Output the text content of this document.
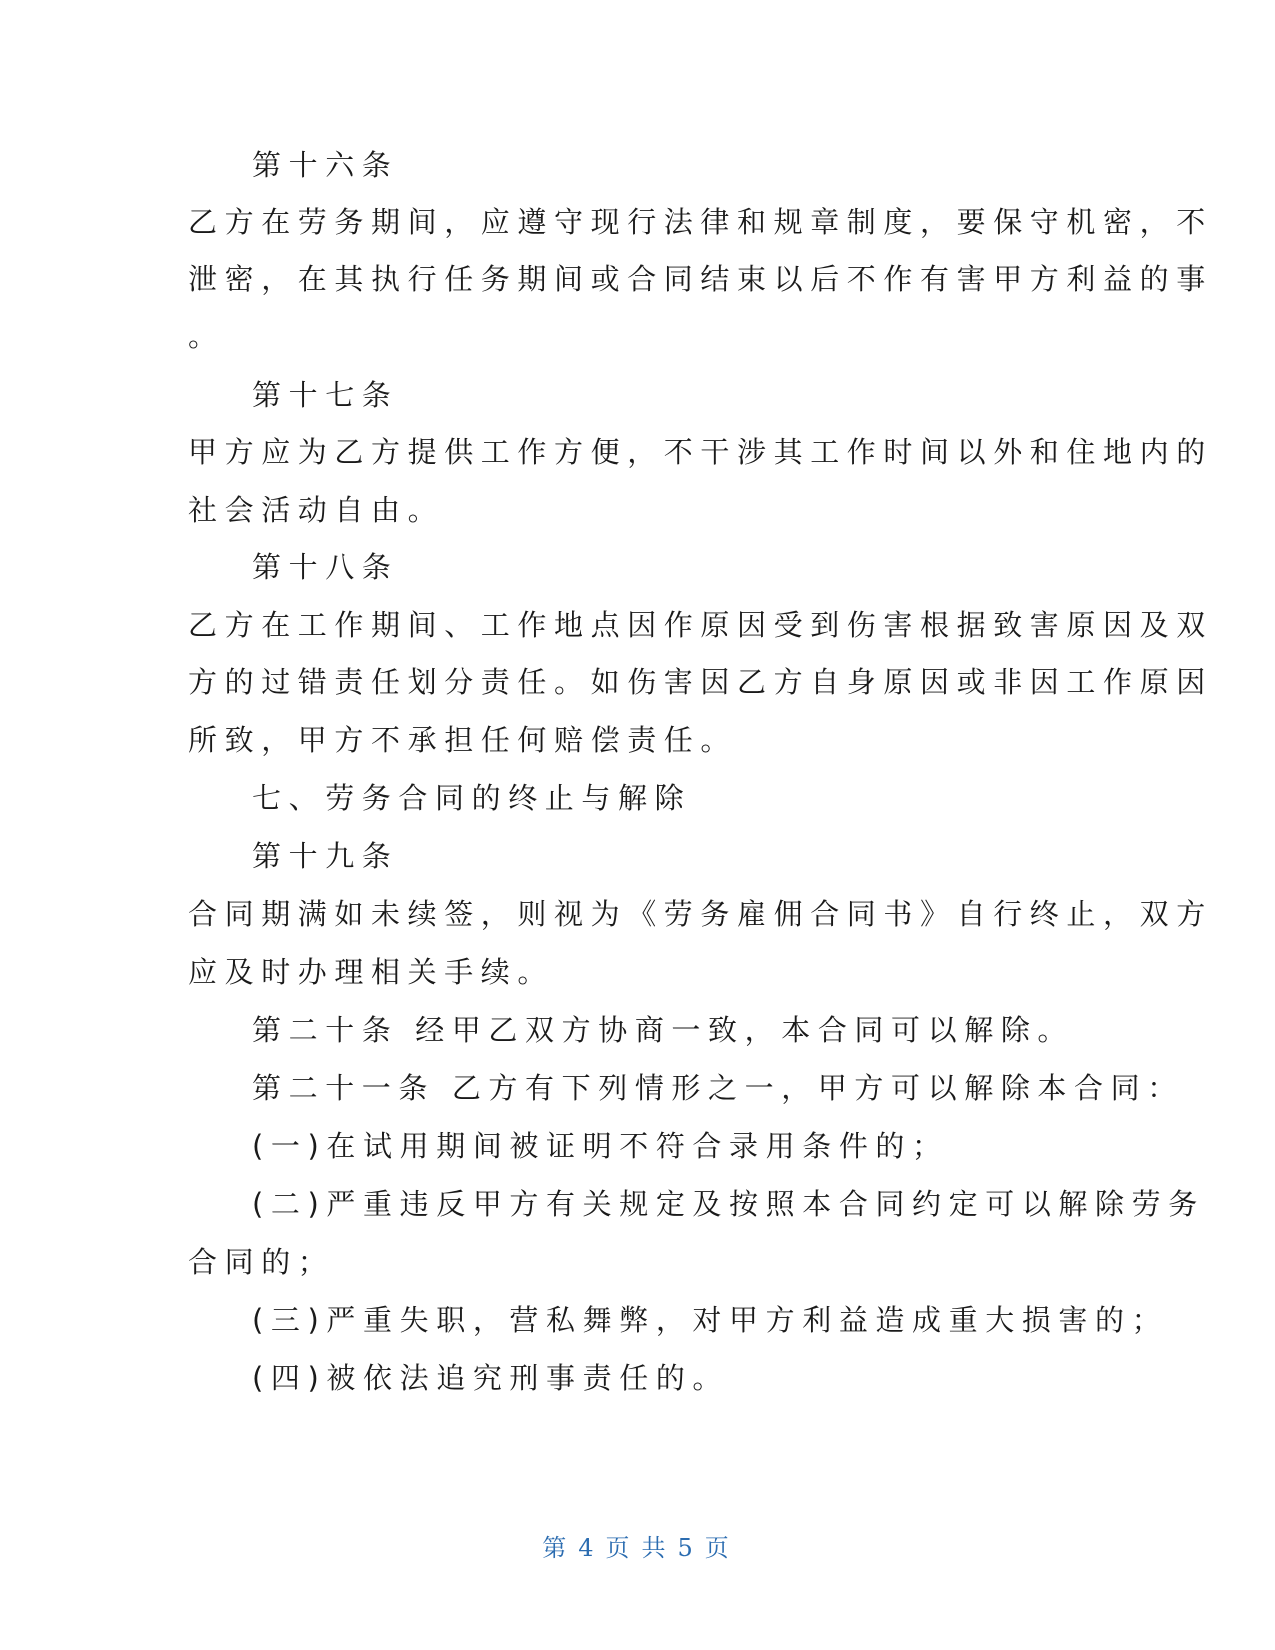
第十六条
乙方在劳务期间，应遵守现行法律和规章制度，要保守机密，不
泄密，在其执行任务期间或合同结束以后不作有害甲方利益的事
。
第十七条
甲方应为乙方提供工作方便，不干涉其工作时间以外和住地内的
社会活动自由。
第十八条
乙方在工作期间、工作地点因作原因受到伤害根据致害原因及双
方的过错责任划分责任。如伤害因乙方自身原因或非因工作原因
所致，甲方不承担任何赔偿责任。
七、劳务合同的终止与解除
第十九条
合同期满如未续签，则视为《劳务雇佣合同书》自行终止，双方
应及时办理相关手续。
第二十条 经甲乙双方协商一致，本合同可以解除。
第二十一条 乙方有下列情形之一，甲方可以解除本合同：
(一)在试用期间被证明不符合录用条件的；
(二)严重违反甲方有关规定及按照本合同约定可以解除劳务
合同的；
(三)严重失职，营私舞弊，对甲方利益造成重大损害的；
(四)被依法追究刑事责任的。
第 4 页 共 5 页
